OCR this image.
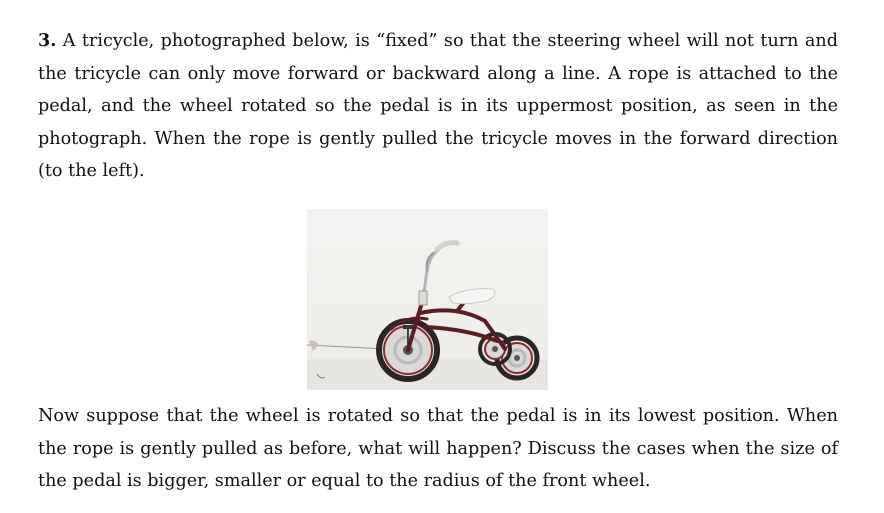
3. A tricycle, photographed below, is “fixed” so that the steering wheel will not turn and the tricycle can only move forward or backward along a line. A rope is attached to the pedal, and the wheel rotated so the pedal is in its uppermost position, as seen in the photograph. When the rope is gently pulled the tricycle moves in the forward direction (to the left).

Now suppose that the wheel is rotated so that the pedal is in its lowest position. When the rope is gently pulled as before, what will happen? Discuss the cases when the size of the pedal is bigger, smaller or equal to the radius of the front wheel.
